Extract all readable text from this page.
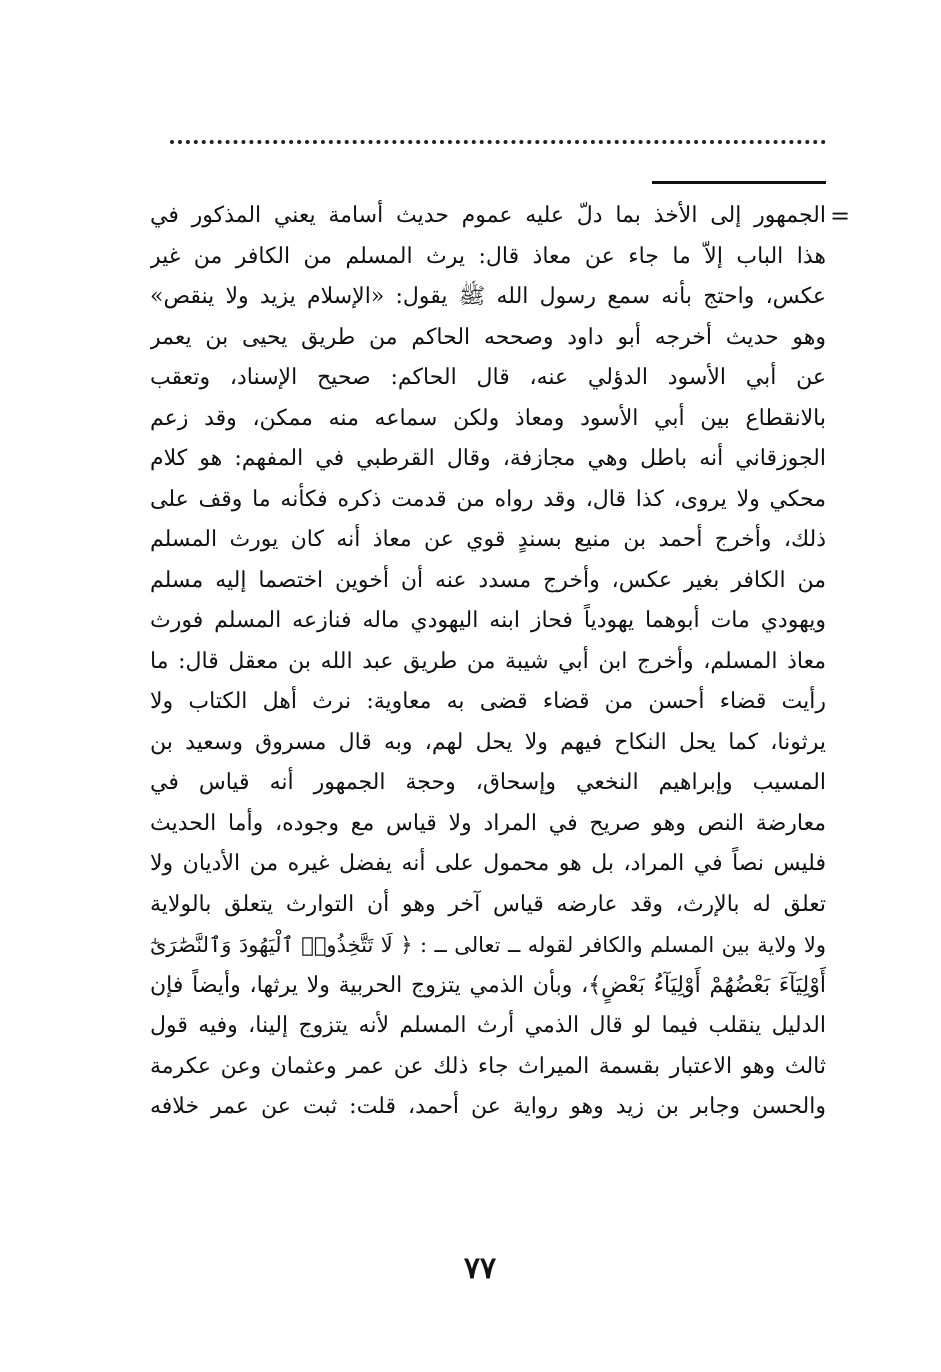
=
الجمهور إلى الأخذ بما دلّ عليه عموم حديث أسامة يعني المذكور في
هذا الباب إلاّ ما جاء عن معاذ قال: يرث المسلم من الكافر من غير
عكس، واحتج بأنه سمع رسول الله ﷺ يقول: «الإسلام يزيد ولا ينقص»
وهو حديث أخرجه أبو داود وصححه الحاكم من طريق يحيى بن يعمر
عن أبي الأسود الدؤلي عنه، قال الحاكم: صحيح الإسناد، وتعقب
بالانقطاع بين أبي الأسود ومعاذ ولكن سماعه منه ممكن، وقد زعم
الجوزقاني أنه باطل وهي مجازفة، وقال القرطبي في المفهم: هو كلام
محكي ولا يروى، كذا قال، وقد رواه من قدمت ذكره فكأنه ما وقف على
ذلك، وأخرج أحمد بن منيع بسندٍ قوي عن معاذ أنه كان يورث المسلم
من الكافر بغير عكس، وأخرج مسدد عنه أن أخوين اختصما إليه مسلم
ويهودي مات أبوهما يهودياً فحاز ابنه اليهودي ماله فنازعه المسلم فورث
معاذ المسلم، وأخرج ابن أبي شيبة من طريق عبد الله بن معقل قال: ما
رأيت قضاء أحسن من قضاء قضى به معاوية: نرث أهل الكتاب ولا
يرثونا، كما يحل النكاح فيهم ولا يحل لهم، وبه قال مسروق وسعيد بن
المسيب وإبراهيم النخعي وإسحاق، وحجة الجمهور أنه قياس في
معارضة النص وهو صريح في المراد ولا قياس مع وجوده، وأما الحديث
فليس نصاً في المراد، بل هو محمول على أنه يفضل غيره من الأديان ولا
تعلق له بالإرث، وقد عارضه قياس آخر وهو أن التوارث يتعلق بالولاية
ولا ولاية بين المسلم والكافر لقوله ــ تعالى ــ : ﴿ لَا تَتَّخِذُوا۟ ٱلْيَهُودَ وَٱلنَّصَٰرَىٰٓ
أَوْلِيَآءَ بَعْضُهُمْ أَوْلِيَآءُ بَعْضٍ﴾، وبأن الذمي يتزوج الحربية ولا يرثها، وأيضاً فإن
الدليل ينقلب فيما لو قال الذمي أرث المسلم لأنه يتزوج إلينا، وفيه قول
ثالث وهو الاعتبار بقسمة الميراث جاء ذلك عن عمر وعثمان وعن عكرمة
والحسن وجابر بن زيد وهو رواية عن أحمد، قلت: ثبت عن عمر خلافه
٧٧
